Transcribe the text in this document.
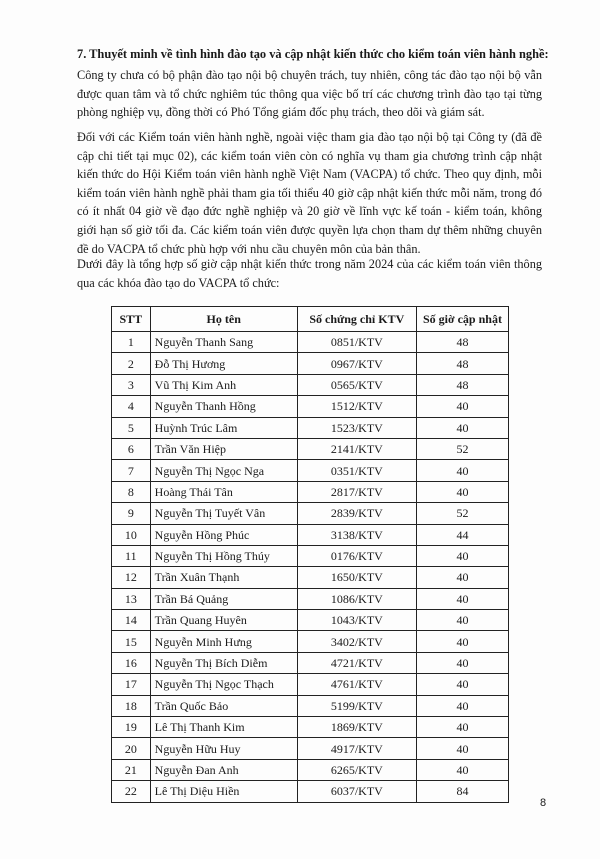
7. Thuyết minh về tình hình đào tạo và cập nhật kiến thức cho kiểm toán viên hành nghề:

Công ty chưa có bộ phận đào tạo nội bộ chuyên trách, tuy nhiên, công tác đào tạo nội bộ vẫn được quan tâm và tổ chức nghiêm túc thông qua việc bố trí các chương trình đào tạo tại từng phòng nghiệp vụ, đồng thời có Phó Tổng giám đốc phụ trách, theo dõi và giám sát.

Đối với các Kiểm toán viên hành nghề, ngoài việc tham gia đào tạo nội bộ tại Công ty (đã đề cập chi tiết tại mục 02), các kiểm toán viên còn có nghĩa vụ tham gia chương trình cập nhật kiến thức do Hội Kiểm toán viên hành nghề Việt Nam (VACPA) tổ chức. Theo quy định, mỗi kiểm toán viên hành nghề phải tham gia tối thiểu 40 giờ cập nhật kiến thức mỗi năm, trong đó có ít nhất 04 giờ về đạo đức nghề nghiệp và 20 giờ về lĩnh vực kế toán - kiểm toán, không giới hạn số giờ tối đa. Các kiểm toán viên được quyền lựa chọn tham dự thêm những chuyên đề do VACPA tổ chức phù hợp với nhu cầu chuyên môn của bản thân.

Dưới đây là tổng hợp số giờ cập nhật kiến thức trong năm 2024 của các kiểm toán viên thông qua các khóa đào tạo do VACPA tổ chức:

STT	Họ tên	Số chứng chỉ KTV	Số giờ cập nhật
1	Nguyễn Thanh Sang	0851/KTV	48
2	Đỗ Thị Hương	0967/KTV	48
3	Vũ Thị Kim Anh	0565/KTV	48
4	Nguyễn Thanh Hồng	1512/KTV	40
5	Huỳnh Trúc Lâm	1523/KTV	40
6	Trần Văn Hiệp	2141/KTV	52
7	Nguyễn Thị Ngọc Nga	0351/KTV	40
8	Hoàng Thái Tân	2817/KTV	40
9	Nguyễn Thị Tuyết Vân	2839/KTV	52
10	Nguyễn Hồng Phúc	3138/KTV	44
11	Nguyễn Thị Hồng Thúy	0176/KTV	40
12	Trần Xuân Thạnh	1650/KTV	40
13	Trần Bá Quảng	1086/KTV	40
14	Trần Quang Huyên	1043/KTV	40
15	Nguyễn Minh Hưng	3402/KTV	40
16	Nguyễn Thị Bích Diễm	4721/KTV	40
17	Nguyễn Thị Ngọc Thạch	4761/KTV	40
18	Trần Quốc Bảo	5199/KTV	40
19	Lê Thị Thanh Kim	1869/KTV	40
20	Nguyễn Hữu Huy	4917/KTV	40
21	Nguyễn Đan Anh	6265/KTV	40
22	Lê Thị Diệu Hiền	6037/KTV	84
8
